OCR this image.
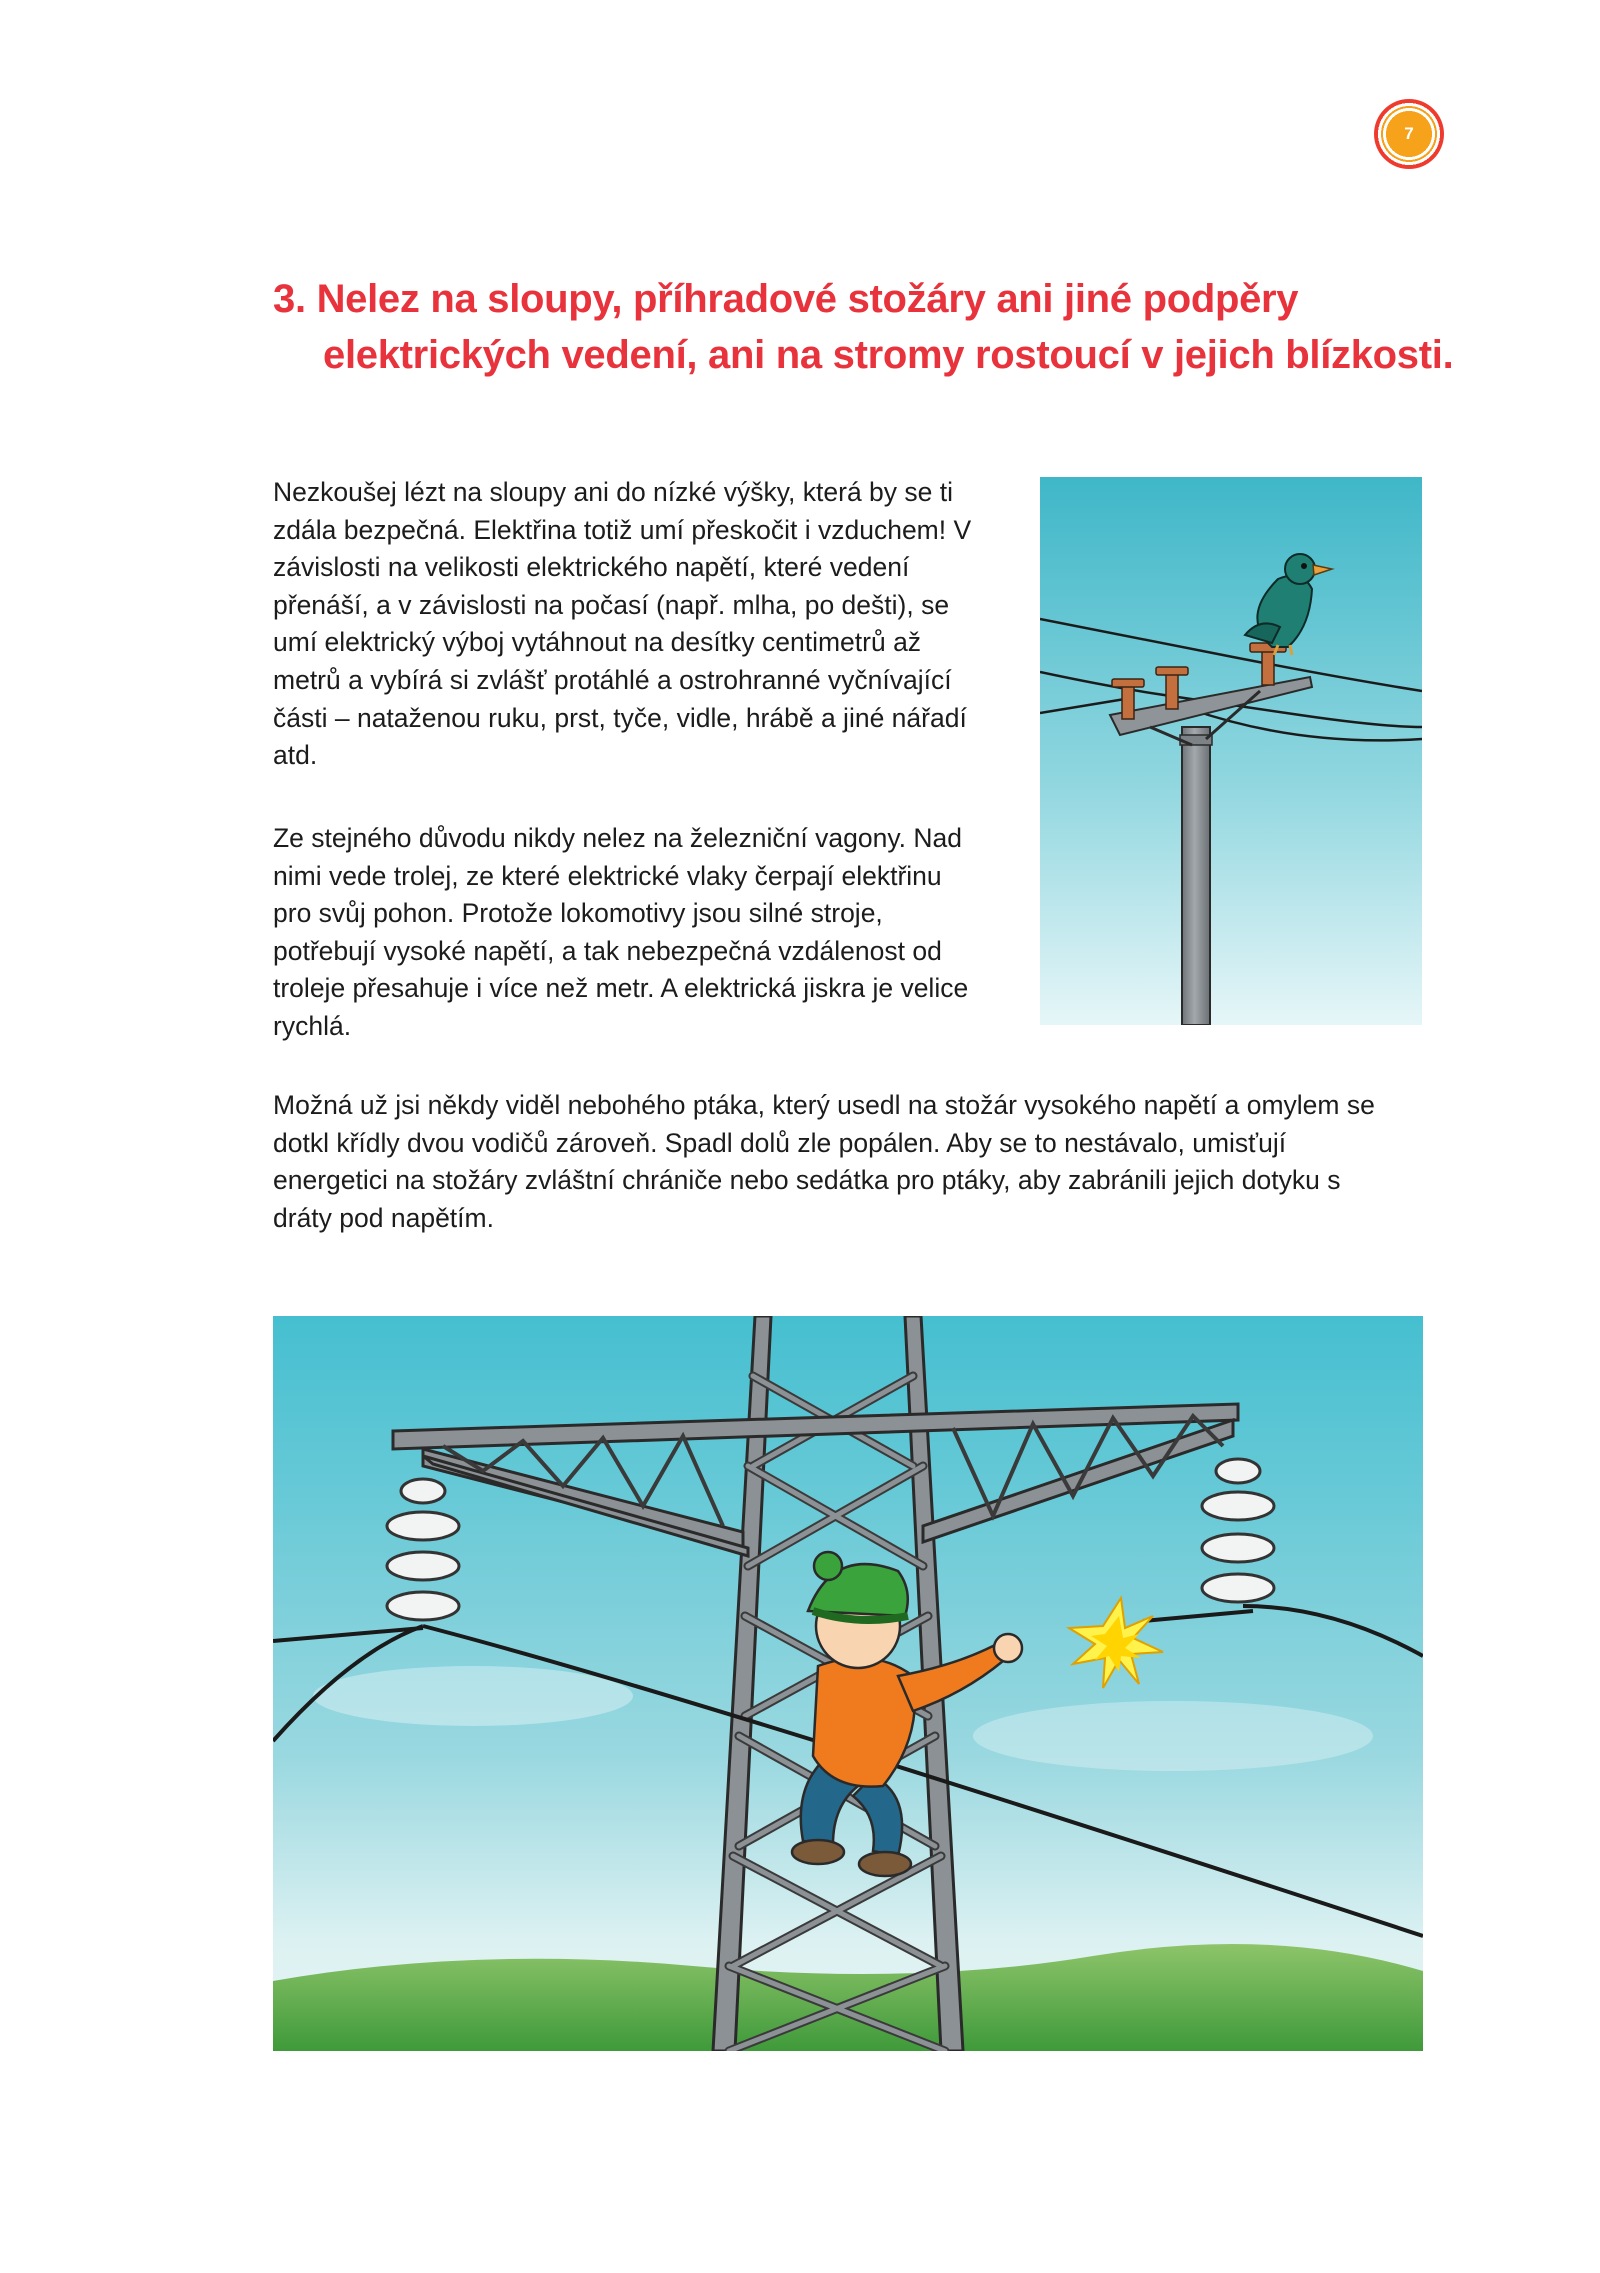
7
3. Nelez na sloupy, příhradové stožáry ani jiné podpěry elektrických vedení, ani na stromy rostoucí v jejich blízkosti.

Nezkoušej lézt na sloupy ani do nízké výšky, která by se ti zdála bezpečná. Elektřina totiž umí přeskočit i vzduchem! V závislosti na velikosti elektrického napětí, které vedení přenáší, a v závislosti na počasí (např. mlha, po dešti), se umí elektrický výboj vytáhnout na desítky centimetrů až metrů a vybírá si zvlášť protáhlé a ostrohranné vyčnívající části – nataženou ruku, prst, tyče, vidle, hrábě a jiné nářadí atd.

Ze stejného důvodu nikdy nelez na železniční vagony. Nad nimi vede trolej, ze které elektrické vlaky čerpají elektřinu pro svůj pohon. Protože lokomotivy jsou silné stroje, potřebují vysoké napětí, a tak nebezpečná vzdálenost od troleje přesahuje i více než metr. A elektrická jiskra je velice rychlá.

Možná už jsi někdy viděl nebohého ptáka, který usedl na stožár vysokého napětí a omylem se dotkl křídly dvou vodičů zároveň. Spadl dolů zle popálen. Aby se to nestávalo, umisťují energetici na stožáry zvláštní chrániče nebo sedátka pro ptáky, aby zabránili jejich dotyku s dráty pod napětím.
